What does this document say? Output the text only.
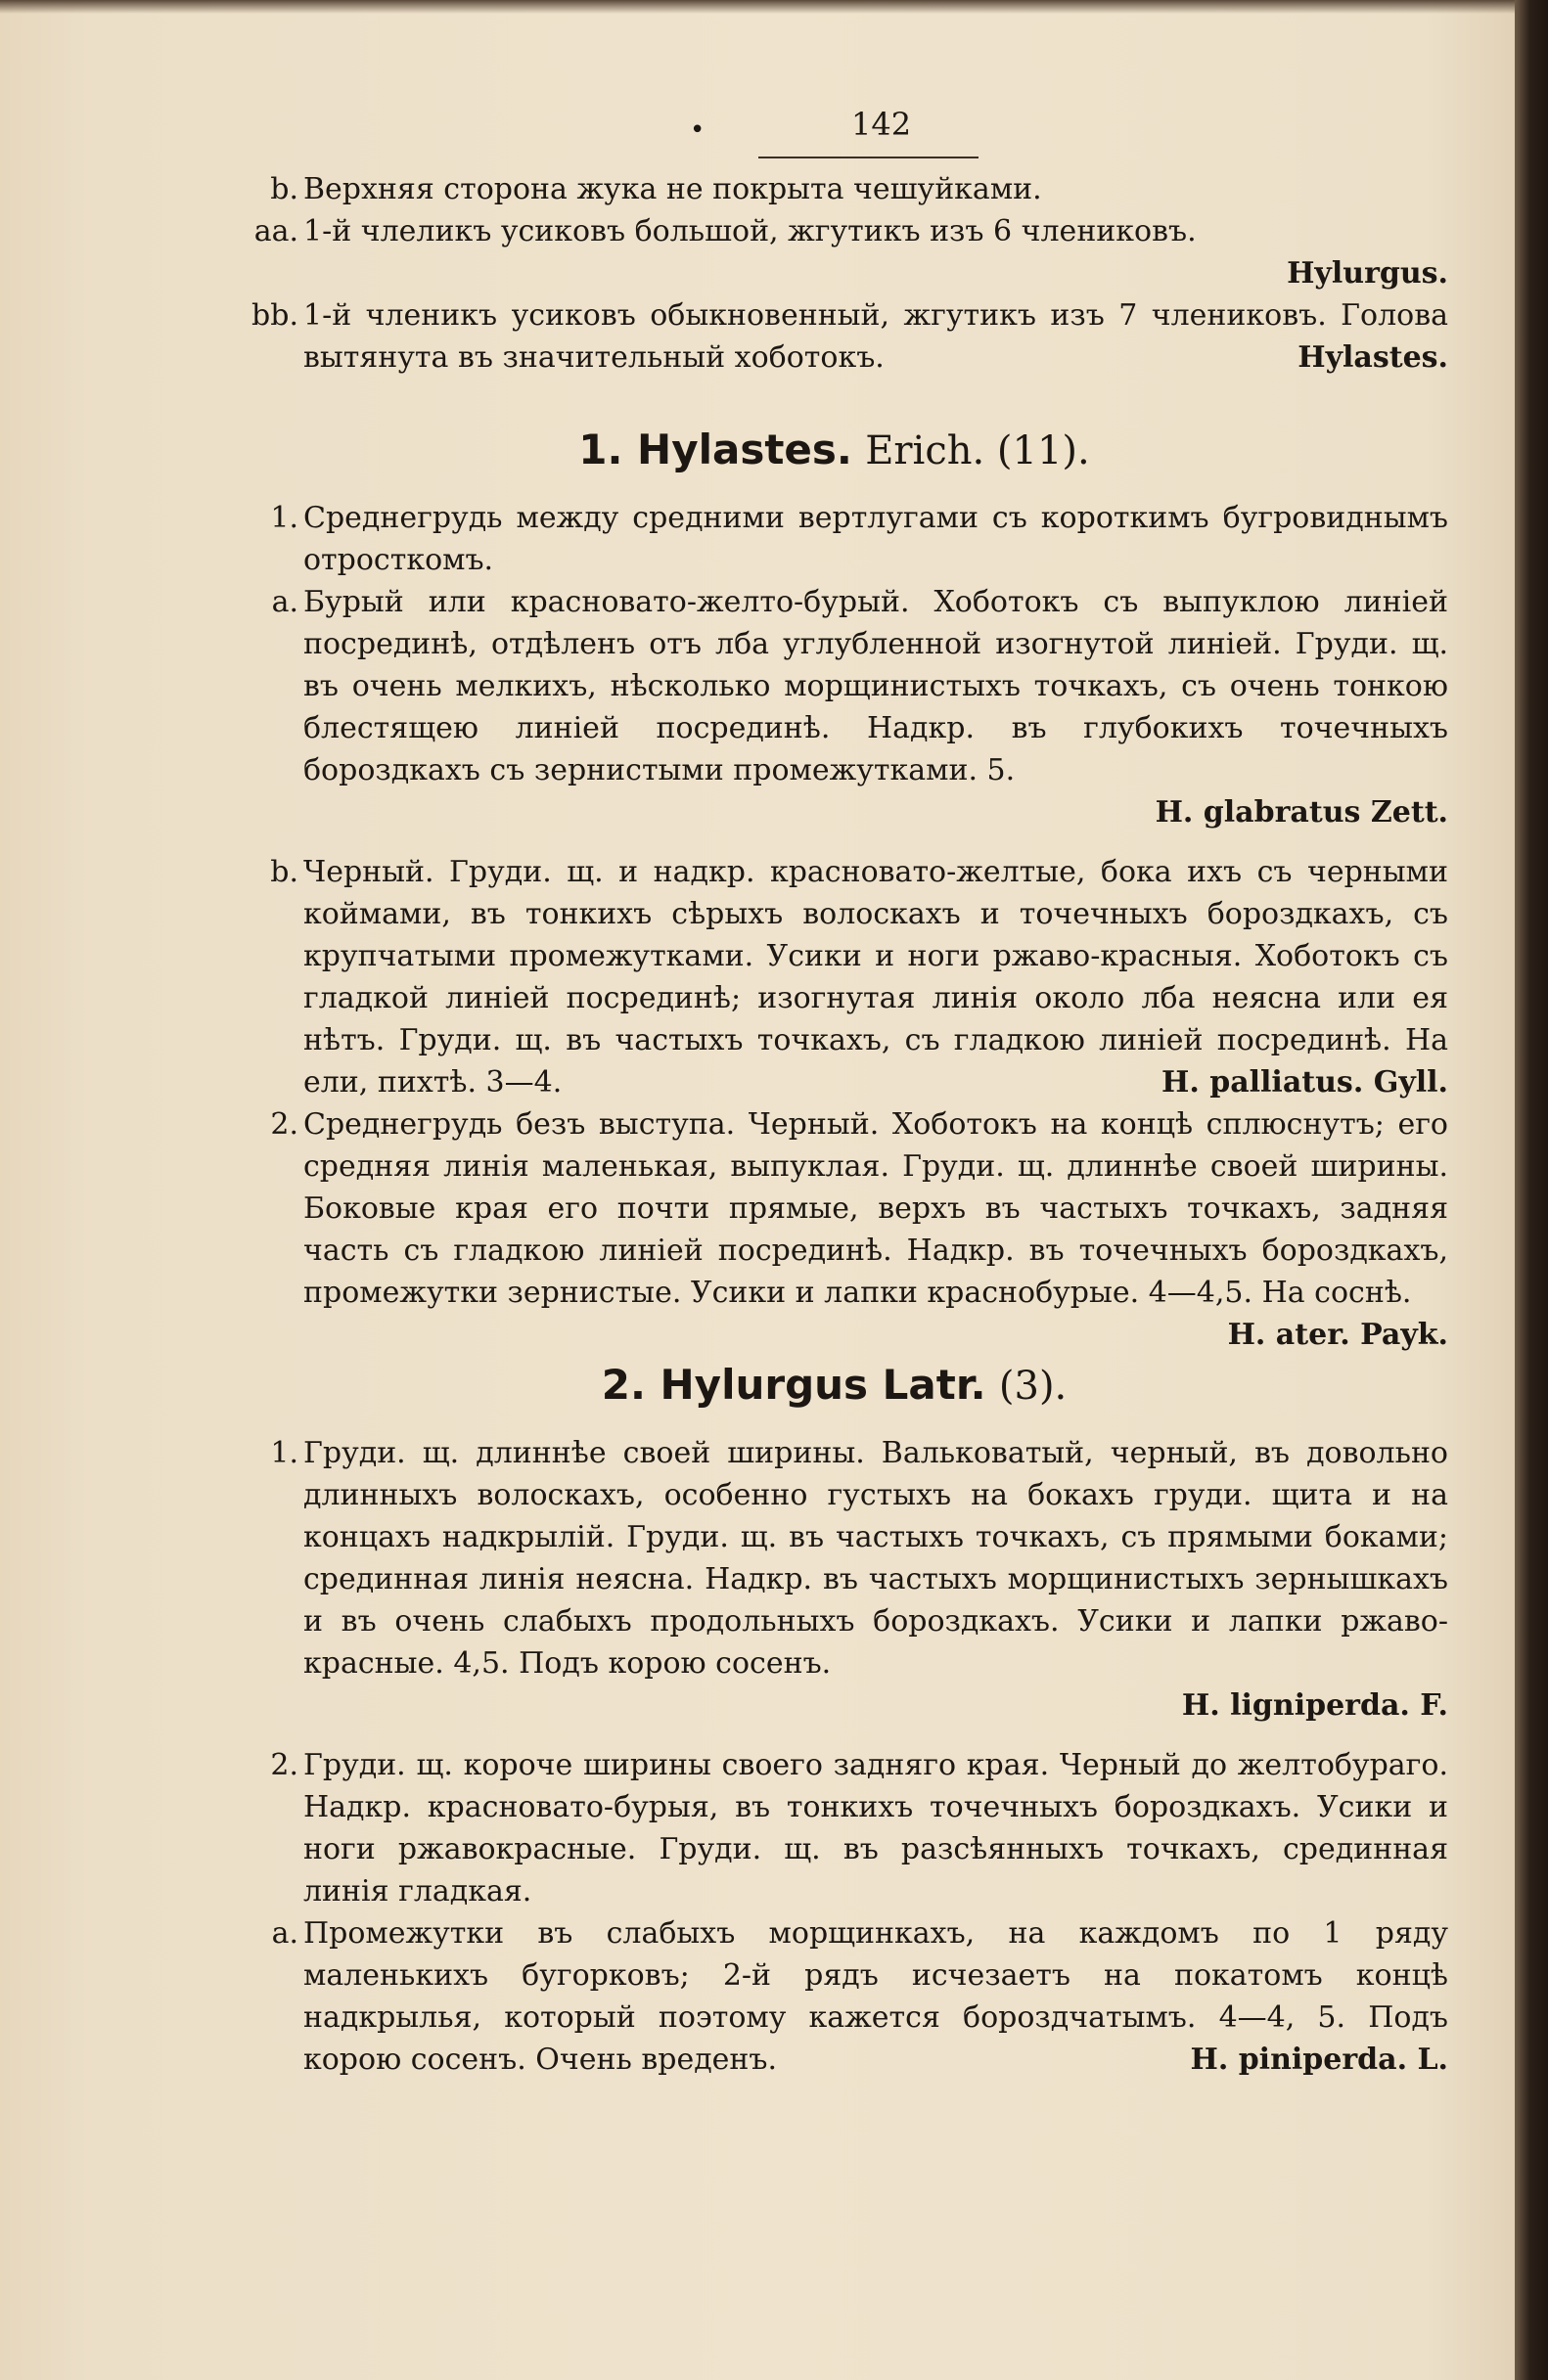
•	142

b. Верхняя сторона жука не покрыта чешуйками.

aa. 1-й члеликъ усиковъ большой, жгутикъ изъ 6 члениковъ.
Hylurgus.
bb. 1-й членикъ усиковъ обыкновенный, жгутикъ изъ 7 члениковъ. Голова вытянута въ значительный хоботокъ.	Hylastes.
1. Hylastes. Erich. (11).

1. Среднегрудь между средними вертлугами съ короткимъ бугровиднымъ отросткомъ.

a. Бурый или красновато-желто-бурый. Хоботокъ съ выпуклою линіей посрединѣ, отдѣленъ отъ лба углубленной изогнутой линіей. Груди. щ. въ очень мелкихъ, нѣсколько морщинистыхъ точкахъ, съ очень тонкою блестящею линіей посрединѣ. Надкр. въ глубокихъ точечныхъ бороздкахъ съ зернистыми промежутками. 5.
H. glabratus Zett.
b. Черный. Груди. щ. и надкр. красновато-желтые, бока ихъ съ черными коймами, въ тонкихъ сѣрыхъ волоскахъ и точечныхъ бороздкахъ, съ крупчатыми промежутками. Усики и ноги ржаво-красныя. Хоботокъ съ гладкой линіей посрединѣ; изогнутая линія около лба неясна или ея нѣтъ. Груди. щ. въ частыхъ точкахъ, съ гладкою линіей посрединѣ. На ели, пихтѣ. 3—4.	H. palliatus. Gyll.
2. Среднегрудь безъ выступа. Черный. Хоботокъ на концѣ сплюснутъ; его средняя линія маленькая, выпуклая. Груди. щ. длиннѣе своей ширины. Боковые края его почти прямые, верхъ въ частыхъ точкахъ, задняя часть съ гладкою линіей посрединѣ. Надкр. въ точечныхъ бороздкахъ, промежутки зернистые. Усики и лапки краснобурые. 4—4,5. На соснѣ.
H. ater. Payk.
2. Hylurgus Latr. (3).
1. Груди. щ. длиннѣе своей ширины. Вальковатый, черный, въ довольно длинныхъ волоскахъ, особенно густыхъ на бокахъ груди. щита и на концахъ надкрылій. Груди. щ. въ частыхъ точкахъ, съ прямыми боками; срединная линія неясна. Надкр. въ частыхъ морщинистыхъ зернышкахъ и въ очень слабыхъ продольныхъ бороздкахъ. Усики и лапки ржаво-красные. 4,5. Подъ корою сосенъ.
H. ligniperda. F.

2. Груди. щ. короче ширины своего задняго края. Черный до желтобураго. Надкр. красновато-бурыя, въ тонкихъ точечныхъ бороздкахъ. Усики и ноги ржавокрасные. Груди. щ. въ разсѣянныхъ точкахъ, срединная линія гладкая.

a. Промежутки въ слабыхъ морщинкахъ, на каждомъ по 1 ряду маленькихъ бугорковъ; 2-й рядъ исчезаетъ на покатомъ концѣ надкрылья, который поэтому кажется бороздчатымъ. 4—4, 5. Подъ корою сосенъ. Очень вреденъ.	H. piniperda. L.
